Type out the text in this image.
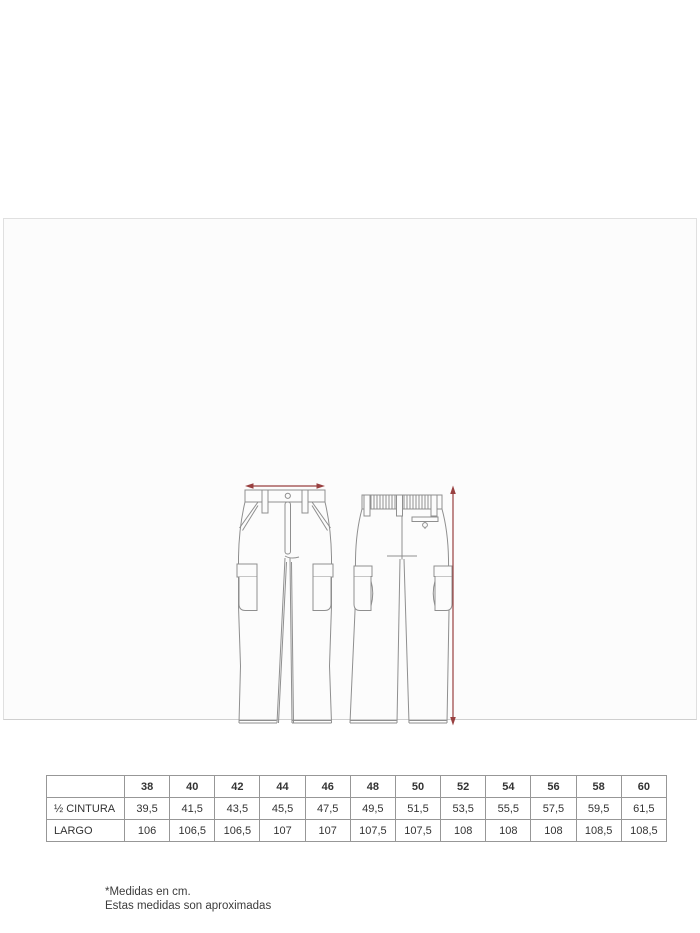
	38	40	42	44	46	48	50	52	54	56	58	60
½ CINTURA	39,5	41,5	43,5	45,5	47,5	49,5	51,5	53,5	55,5	57,5	59,5	61,5
LARGO	106	106,5	106,5	107	107	107,5	107,5	108	108	108	108,5	108,5
*Medidas en cm.
Estas medidas son aproximadas
